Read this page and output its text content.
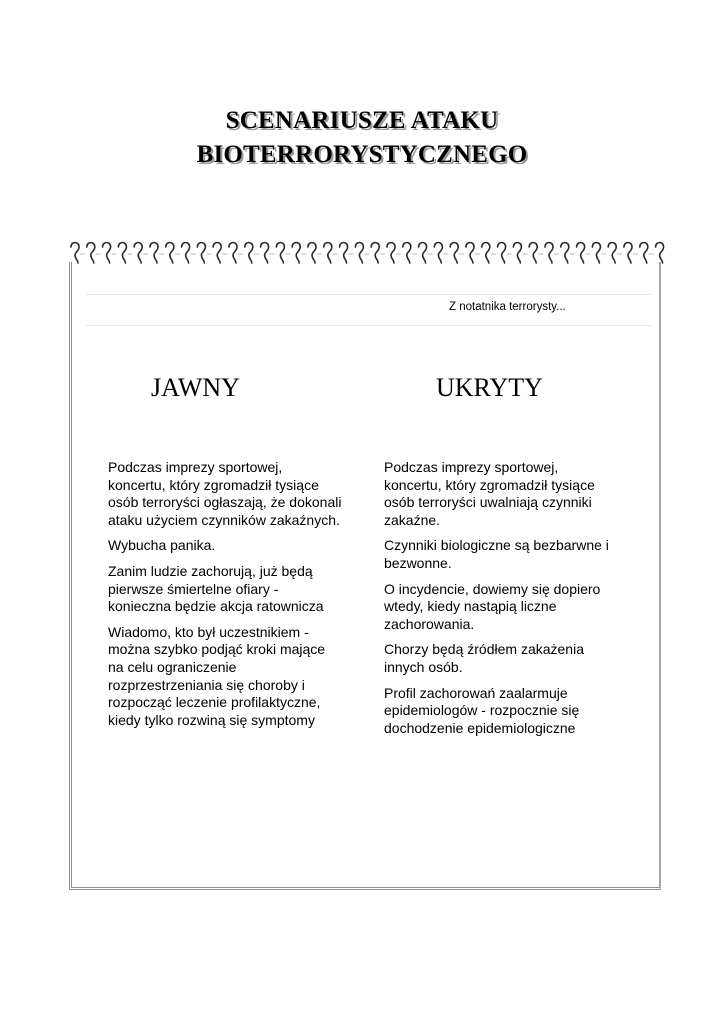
SCENARIUSZE ATAKU
BIOTERRORYSTYCZNEGO
Z notatnika terrorysty...
JAWNY	UKRYTY

Podczas imprezy sportowej,
koncertu, który zgromadził tysiące
osób terroryści ogłaszają, że dokonali
ataku użyciem czynników zakaźnych.

Wybucha panika.

Zanim ludzie zachorują, już będą
pierwsze śmiertelne ofiary -
konieczna będzie akcja ratownicza

Wiadomo, kto był uczestnikiem -
można szybko podjąć kroki mające
na celu ograniczenie
rozprzestrzeniania się choroby i
rozpocząć leczenie profilaktyczne,
kiedy tylko rozwiną się symptomy

Podczas imprezy sportowej,
koncertu, który zgromadził tysiące
osób terroryści uwalniają czynniki
zakaźne.

Czynniki biologiczne są bezbarwne i
bezwonne.

O incydencie, dowiemy się dopiero
wtedy, kiedy nastąpią liczne
zachorowania.

Chorzy będą źródłem zakażenia
innych osób.

Profil zachorowań zaalarmuje
epidemiologów - rozpocznie się
dochodzenie epidemiologiczne
